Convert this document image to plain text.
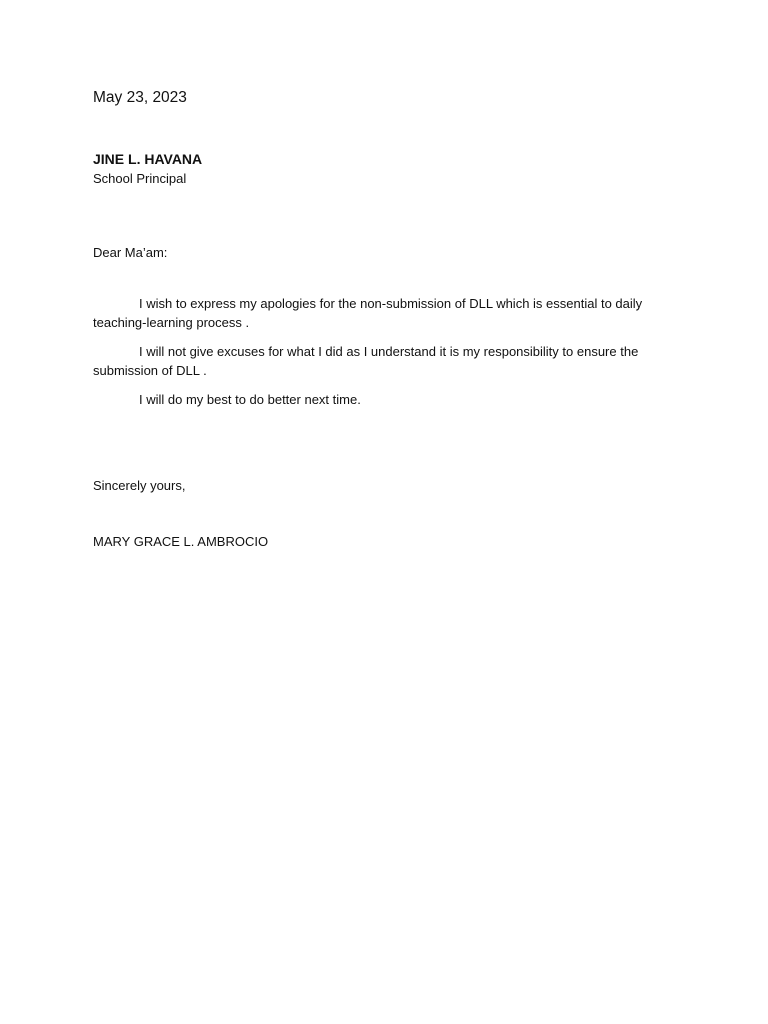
May 23, 2023

JINE L. HAVANA
School Principal
Dear Ma’am:

I wish to express my apologies for the non-submission of DLL which is essential to daily teaching-learning process .

I will not give excuses for what I did as I understand it is my responsibility to ensure the submission of DLL .

I will do my best to do better next time.

Sincerely yours,
MARY GRACE L. AMBROCIO
